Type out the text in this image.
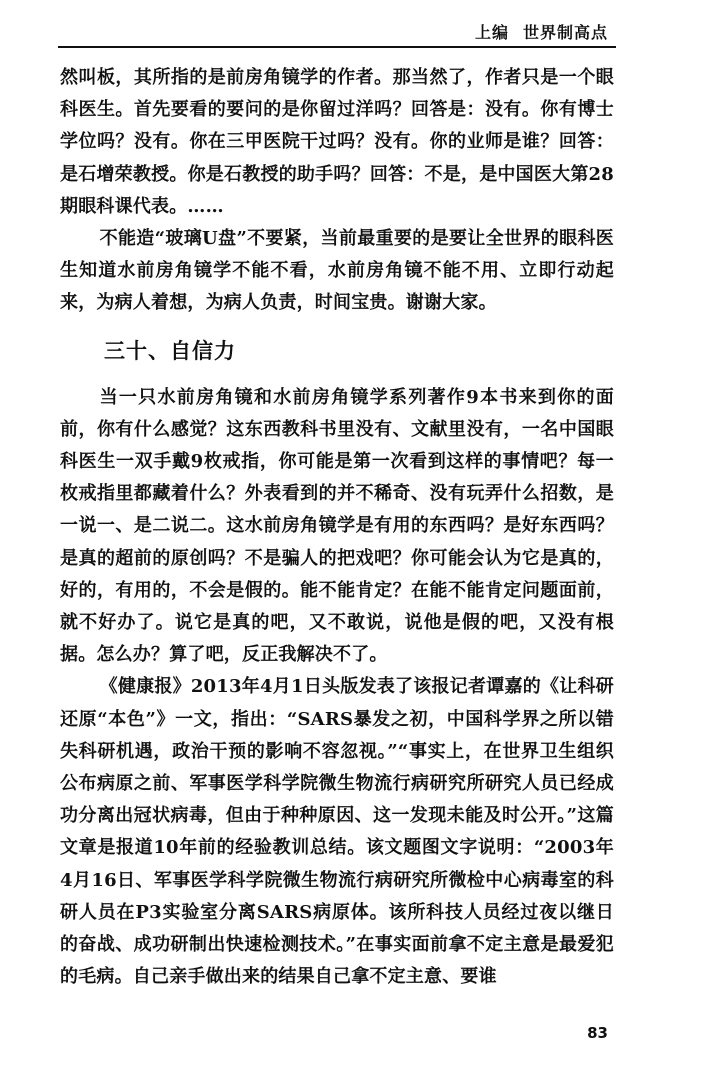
上编 世界制高点

然叫板，其所指的是前房角镜学的作者。那当然了，作者只是一个眼科医生。首先要看的要问的是你留过洋吗？回答是：没有。你有博士学位吗？没有。你在三甲医院干过吗？没有。你的业师是谁？回答：是石增荣教授。你是石教授的助手吗？回答：不是，是中国医大第28期眼科课代表。……

不能造“玻璃U盘”不要紧，当前最重要的是要让全世界的眼科医生知道水前房角镜学不能不看，水前房角镜不能不用、立即行动起来，为病人着想，为病人负责，时间宝贵。谢谢大家。

三十、自信力

当一只水前房角镜和水前房角镜学系列著作9本书来到你的面前，你有什么感觉？这东西教科书里没有、文献里没有，一名中国眼科医生一双手戴9枚戒指，你可能是第一次看到这样的事情吧？每一枚戒指里都藏着什么？外表看到的并不稀奇、没有玩弄什么招数，是一说一、是二说二。这水前房角镜学是有用的东西吗？是好东西吗？是真的超前的原创吗？不是骗人的把戏吧？你可能会认为它是真的，好的，有用的，不会是假的。能不能肯定？在能不能肯定问题面前，就不好办了。说它是真的吧，又不敢说，说他是假的吧，又没有根据。怎么办？算了吧，反正我解决不了。

《健康报》2013年4月1日头版发表了该报记者谭嘉的《让科研还原“本色”》一文，指出：“SARS暴发之初，中国科学界之所以错失科研机遇，政治干预的影响不容忽视。”“事实上，在世界卫生组织公布病原之前、军事医学科学院微生物流行病研究所研究人员已经成功分离出冠状病毒，但由于种种原因、这一发现未能及时公开。”这篇文章是报道10年前的经验教训总结。该文题图文字说明：“2003年4月16日、军事医学科学院微生物流行病研究所微检中心病毒室的科研人员在P3实验室分离SARS病原体。该所科技人员经过夜以继日的奋战、成功研制出快速检测技术。”在事实面前拿不定主意是最爱犯的毛病。自己亲手做出来的结果自己拿不定主意、要谁

83
